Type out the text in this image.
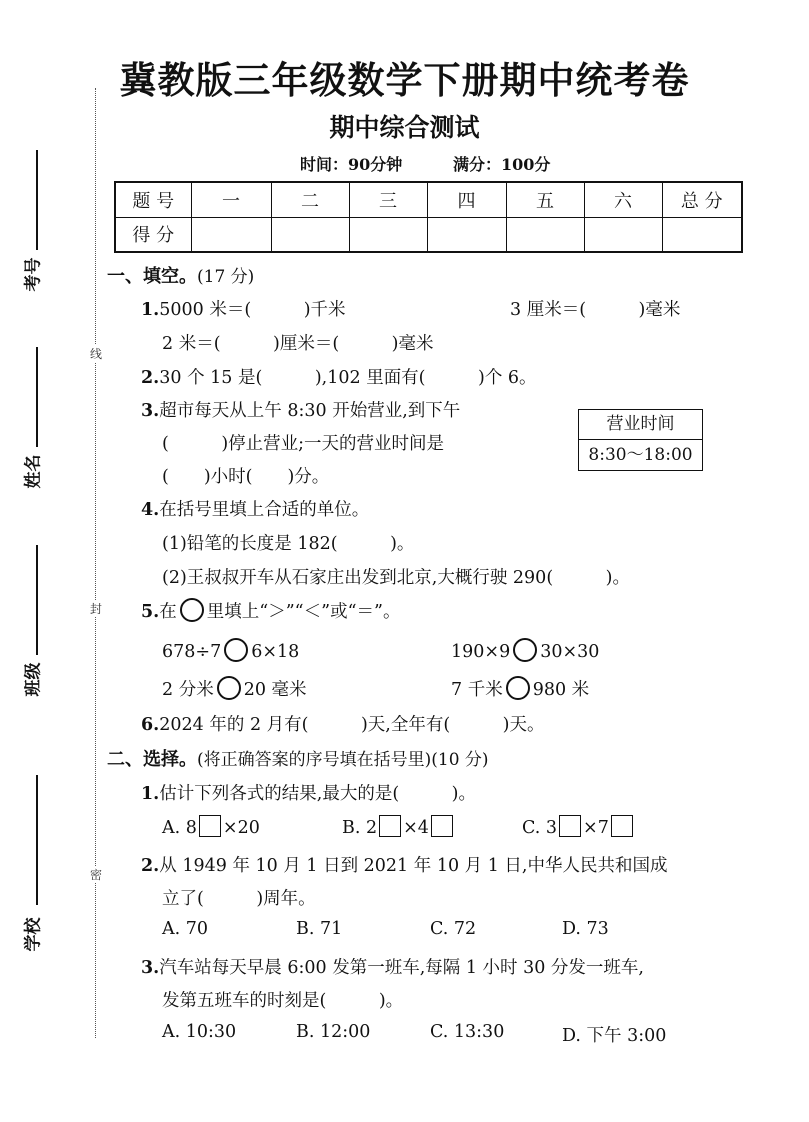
线
封
密
考号
姓名
班级
学校
冀教版三年级数学下册期中统考卷
期中综合测试
时间：90分钟	满分：100分
题 号	一	二	三	四	五	六	总 分
得 分							
一、填空。(17 分)
1.5000 米＝(　　　)千米	3 厘米＝(　　　)毫米
2 米＝(　　　)厘米＝(　　　)毫米
2.30 个 15 是(　　　),102 里面有(　　　)个 6。
3.超市每天从上午 8:30 开始营业,到下午
(　　　)停止营业;一天的营业时间是
(　　)小时(　　)分。
营业时间
8:30～18:00
4.在括号里填上合适的单位。
(1)铅笔的长度是 182(　　　)。
(2)王叔叔开车从石家庄出发到北京,大概行驶 290(　　　)。
5.在 里填上“＞”“＜”或“＝”。
678÷7 6×18	190×9 30×30
2 分米 20 毫米	7 千米 980 米
6.2024 年的 2 月有(　　　)天,全年有(　　　)天。
二、选择。(将正确答案的序号填在括号里)(10 分)
1.估计下列各式的结果,最大的是(　　　)。
A. 8 ×20	B. 2 ×4	C. 3 ×7
2.从 1949 年 10 月 1 日到 2021 年 10 月 1 日,中华人民共和国成
立了(　　　)周年。
A. 70	B. 71	C. 72	D. 73
3.汽车站每天早晨 6:00 发第一班车,每隔 1 小时 30 分发一班车,
发第五班车的时刻是(　　　)。
A. 10:30	B. 12:00	C. 13:30	D. 下午 3:00
